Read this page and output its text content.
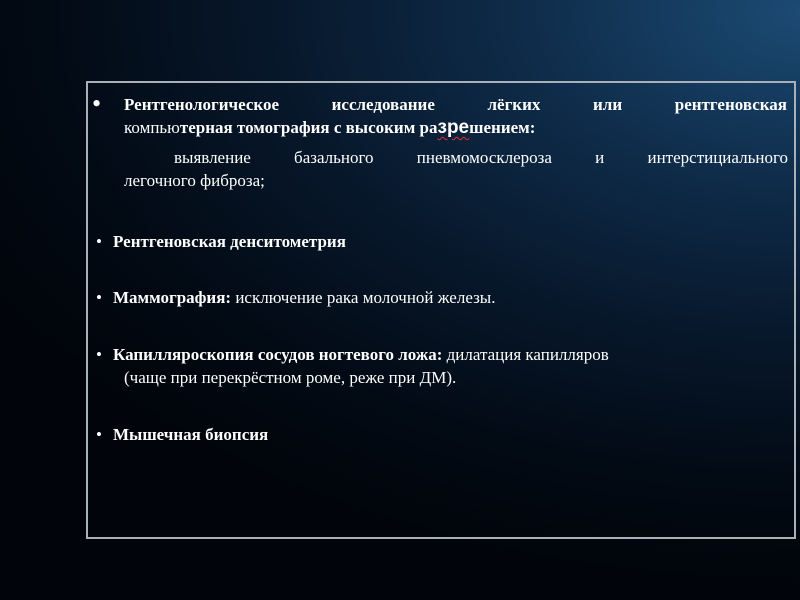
•	Рентгенологическое исследование лёгких или рентгеновская
компьютерная томография с высоким разрешением:
выявление базального пневмомосклероза и интерстициального
легочного фиброза;
• Рентгеновская денситометрия
• Маммография: исключение рака молочной железы.
• Капилляроскопия сосудов ногтевого ложа: дилатация капилляров
(чаще при перекрёстном роме, реже при ДМ).
• Мышечная биопсия
